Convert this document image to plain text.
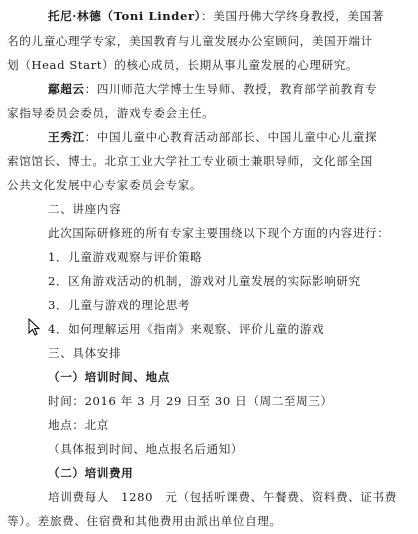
托尼·林德（Toni Linder）：美国丹佛大学终身教授，美国著
名的儿童心理学专家，美国教育与儿童发展办公室顾问，美国开端计
划（Head Start）的核心成员，长期从事儿童发展的心理研究。
鄢超云：四川师范大学博士生导师、教授，教育部学前教育专
家指导委员会委员，游戏专委会主任。
王秀江：中国儿童中心教育活动部部长、中国儿童中心儿童探
索馆馆长、博士。北京工业大学社工专业硕士兼职导师，文化部全国
公共文化发展中心专家委员会专家。
二、讲座内容
此次国际研修班的所有专家主要围绕以下现个方面的内容进行：
1．儿童游戏观察与评价策略
2．区角游戏活动的机制，游戏对儿童发展的实际影响研究
3．儿童与游戏的理论思考
4．如何理解运用《指南》来观察、评价儿童的游戏
三、具体安排
（一）培训时间、地点
时间：2016 年 3 月 29 日至 30 日（周二至周三）
地点：北京
（具体报到时间、地点报名后通知）
（二）培训费用
培训费每人　1280　元（包括听课费、午餐费、资料费、证书费
等）。差旅费、住宿费和其他费用由派出单位自理。
